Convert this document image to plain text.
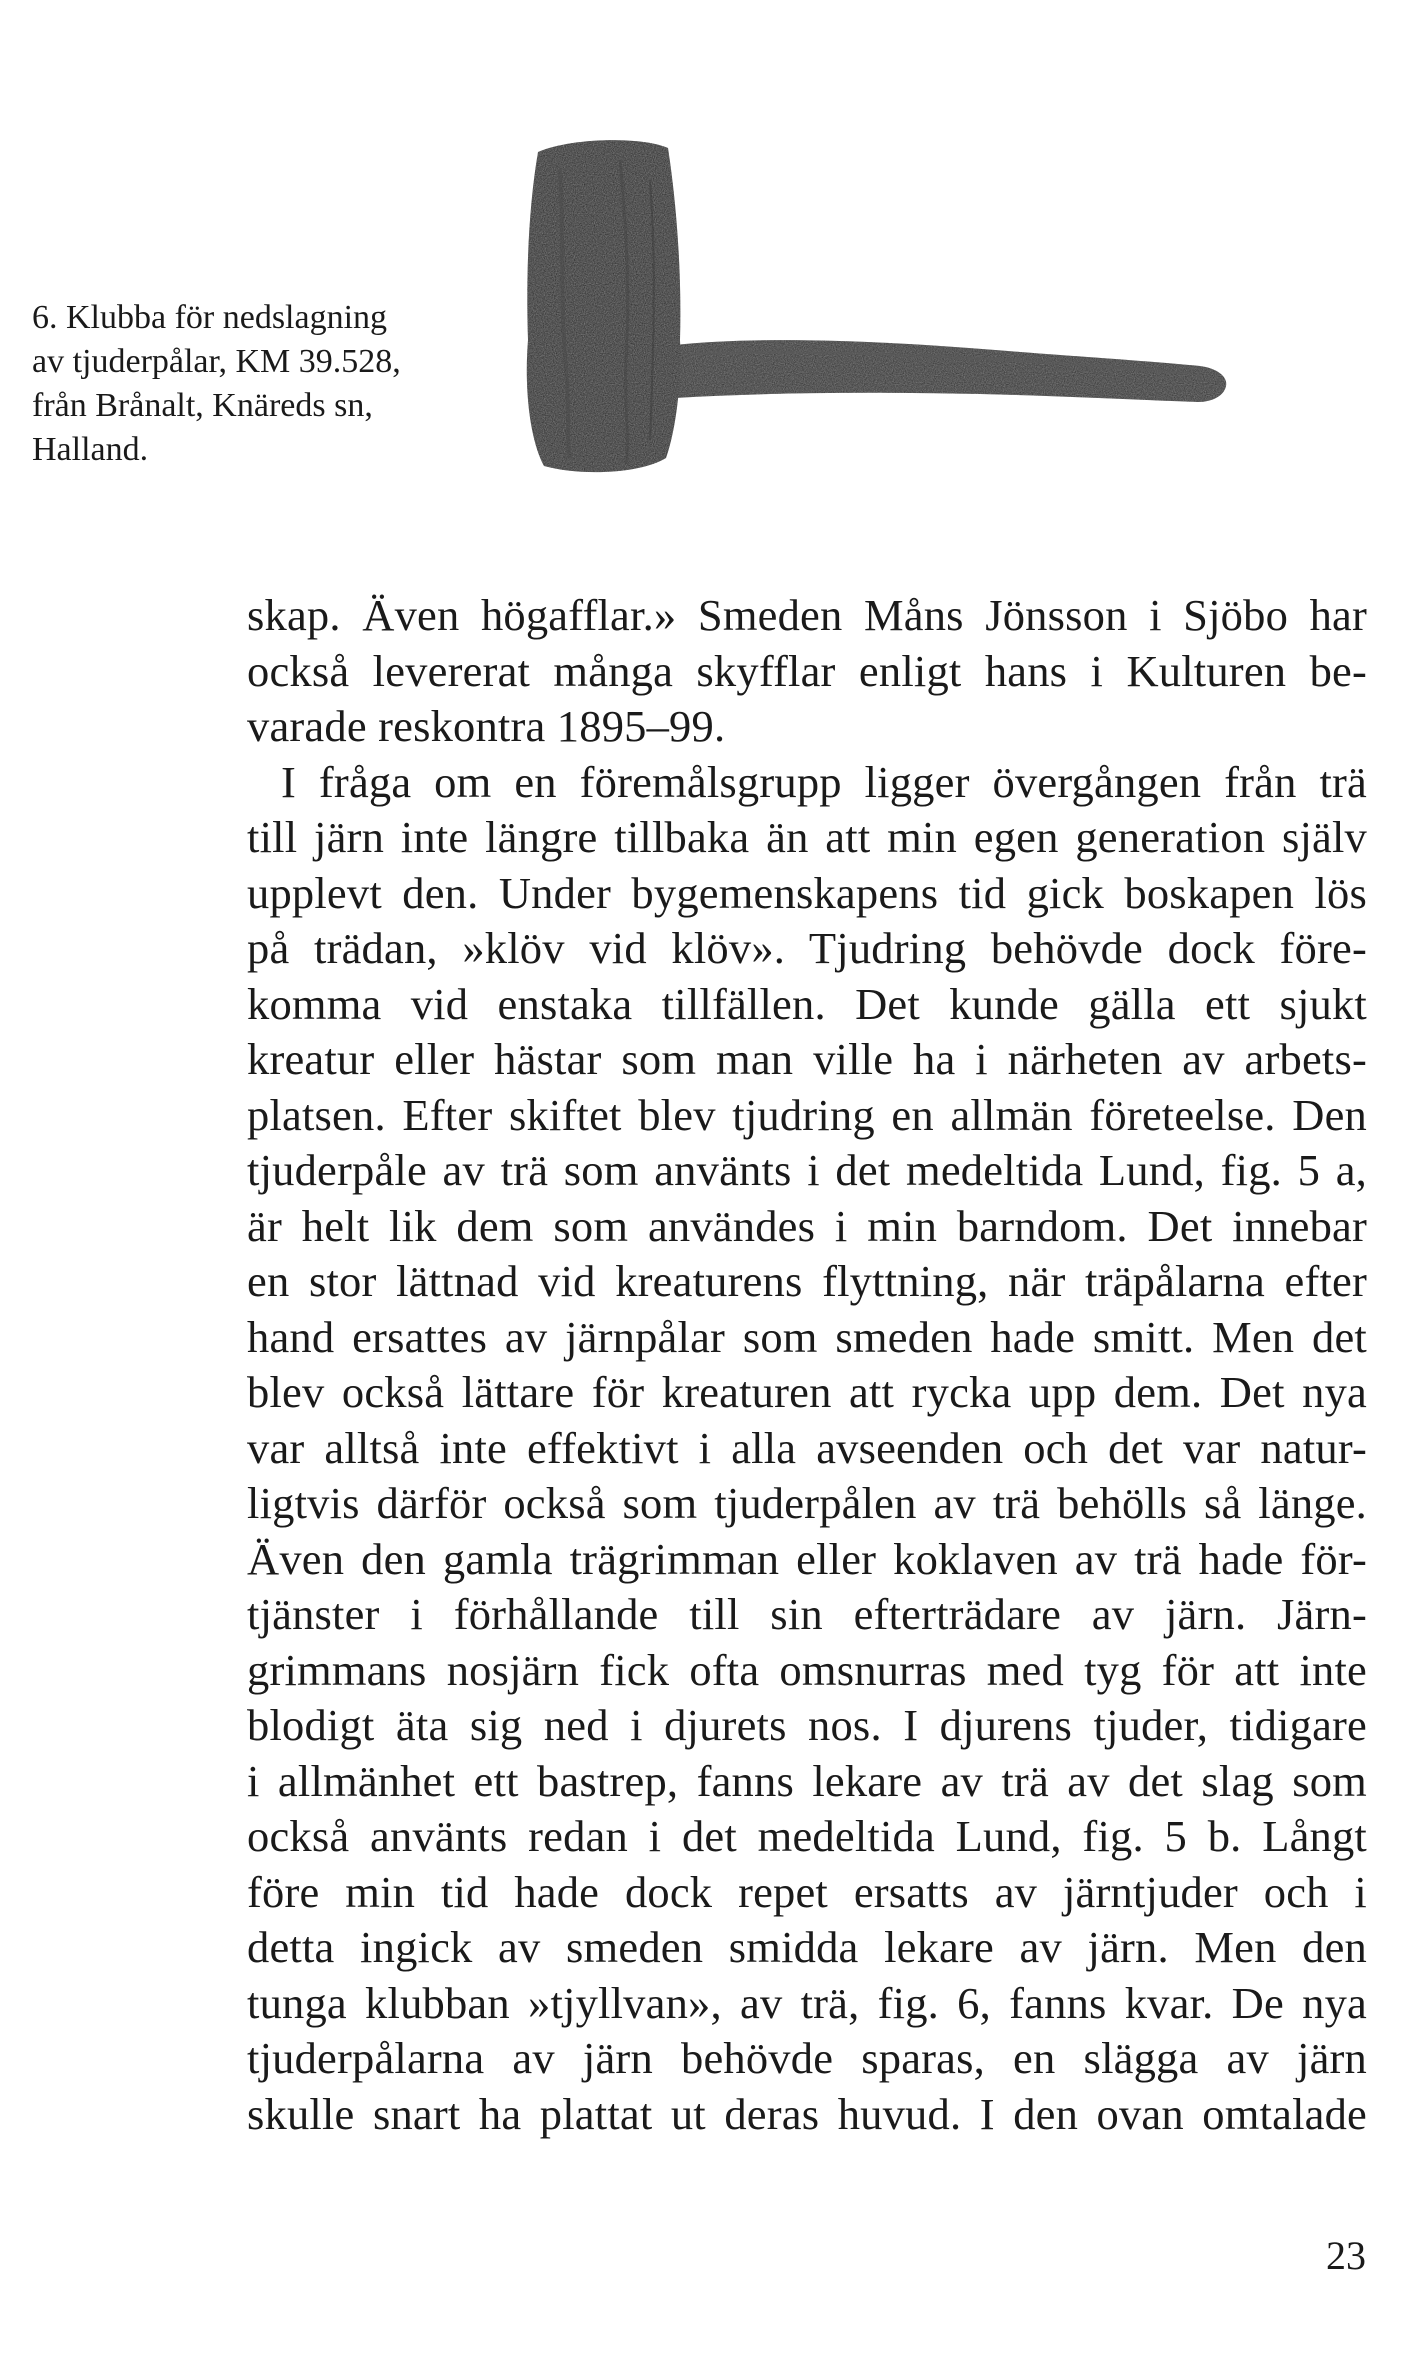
6. Klubba för nedslagning
av tjuderpålar, KM 39.528,
från Brånalt, Knäreds sn,
Halland.
skap. Även högafflar.» Smeden Måns Jönsson i Sjöbo har
också levererat många skyfflar enligt hans i Kulturen be-
varade reskontra 1895–99.
I fråga om en föremålsgrupp ligger övergången från trä
till järn inte längre tillbaka än att min egen generation själv
upplevt den. Under bygemenskapens tid gick boskapen lös
på trädan, »klöv vid klöv». Tjudring behövde dock före-
komma vid enstaka tillfällen. Det kunde gälla ett sjukt
kreatur eller hästar som man ville ha i närheten av arbets-
platsen. Efter skiftet blev tjudring en allmän företeelse. Den
tjuderpåle av trä som använts i det medeltida Lund, fig. 5 a,
är helt lik dem som användes i min barndom. Det innebar
en stor lättnad vid kreaturens flyttning, när träpålarna efter
hand ersattes av järnpålar som smeden hade smitt. Men det
blev också lättare för kreaturen att rycka upp dem. Det nya
var alltså inte effektivt i alla avseenden och det var natur-
ligtvis därför också som tjuderpålen av trä behölls så länge.
Även den gamla trägrimman eller koklaven av trä hade för-
tjänster i förhållande till sin efterträdare av järn. Järn-
grimmans nosjärn fick ofta omsnurras med tyg för att inte
blodigt äta sig ned i djurets nos. I djurens tjuder, tidigare
i allmänhet ett bastrep, fanns lekare av trä av det slag som
också använts redan i det medeltida Lund, fig. 5 b. Långt
före min tid hade dock repet ersatts av järntjuder och i
detta ingick av smeden smidda lekare av järn. Men den
tunga klubban »tjyllvan», av trä, fig. 6, fanns kvar. De nya
tjuderpålarna av järn behövde sparas, en slägga av järn
skulle snart ha plattat ut deras huvud. I den ovan omtalade
23
